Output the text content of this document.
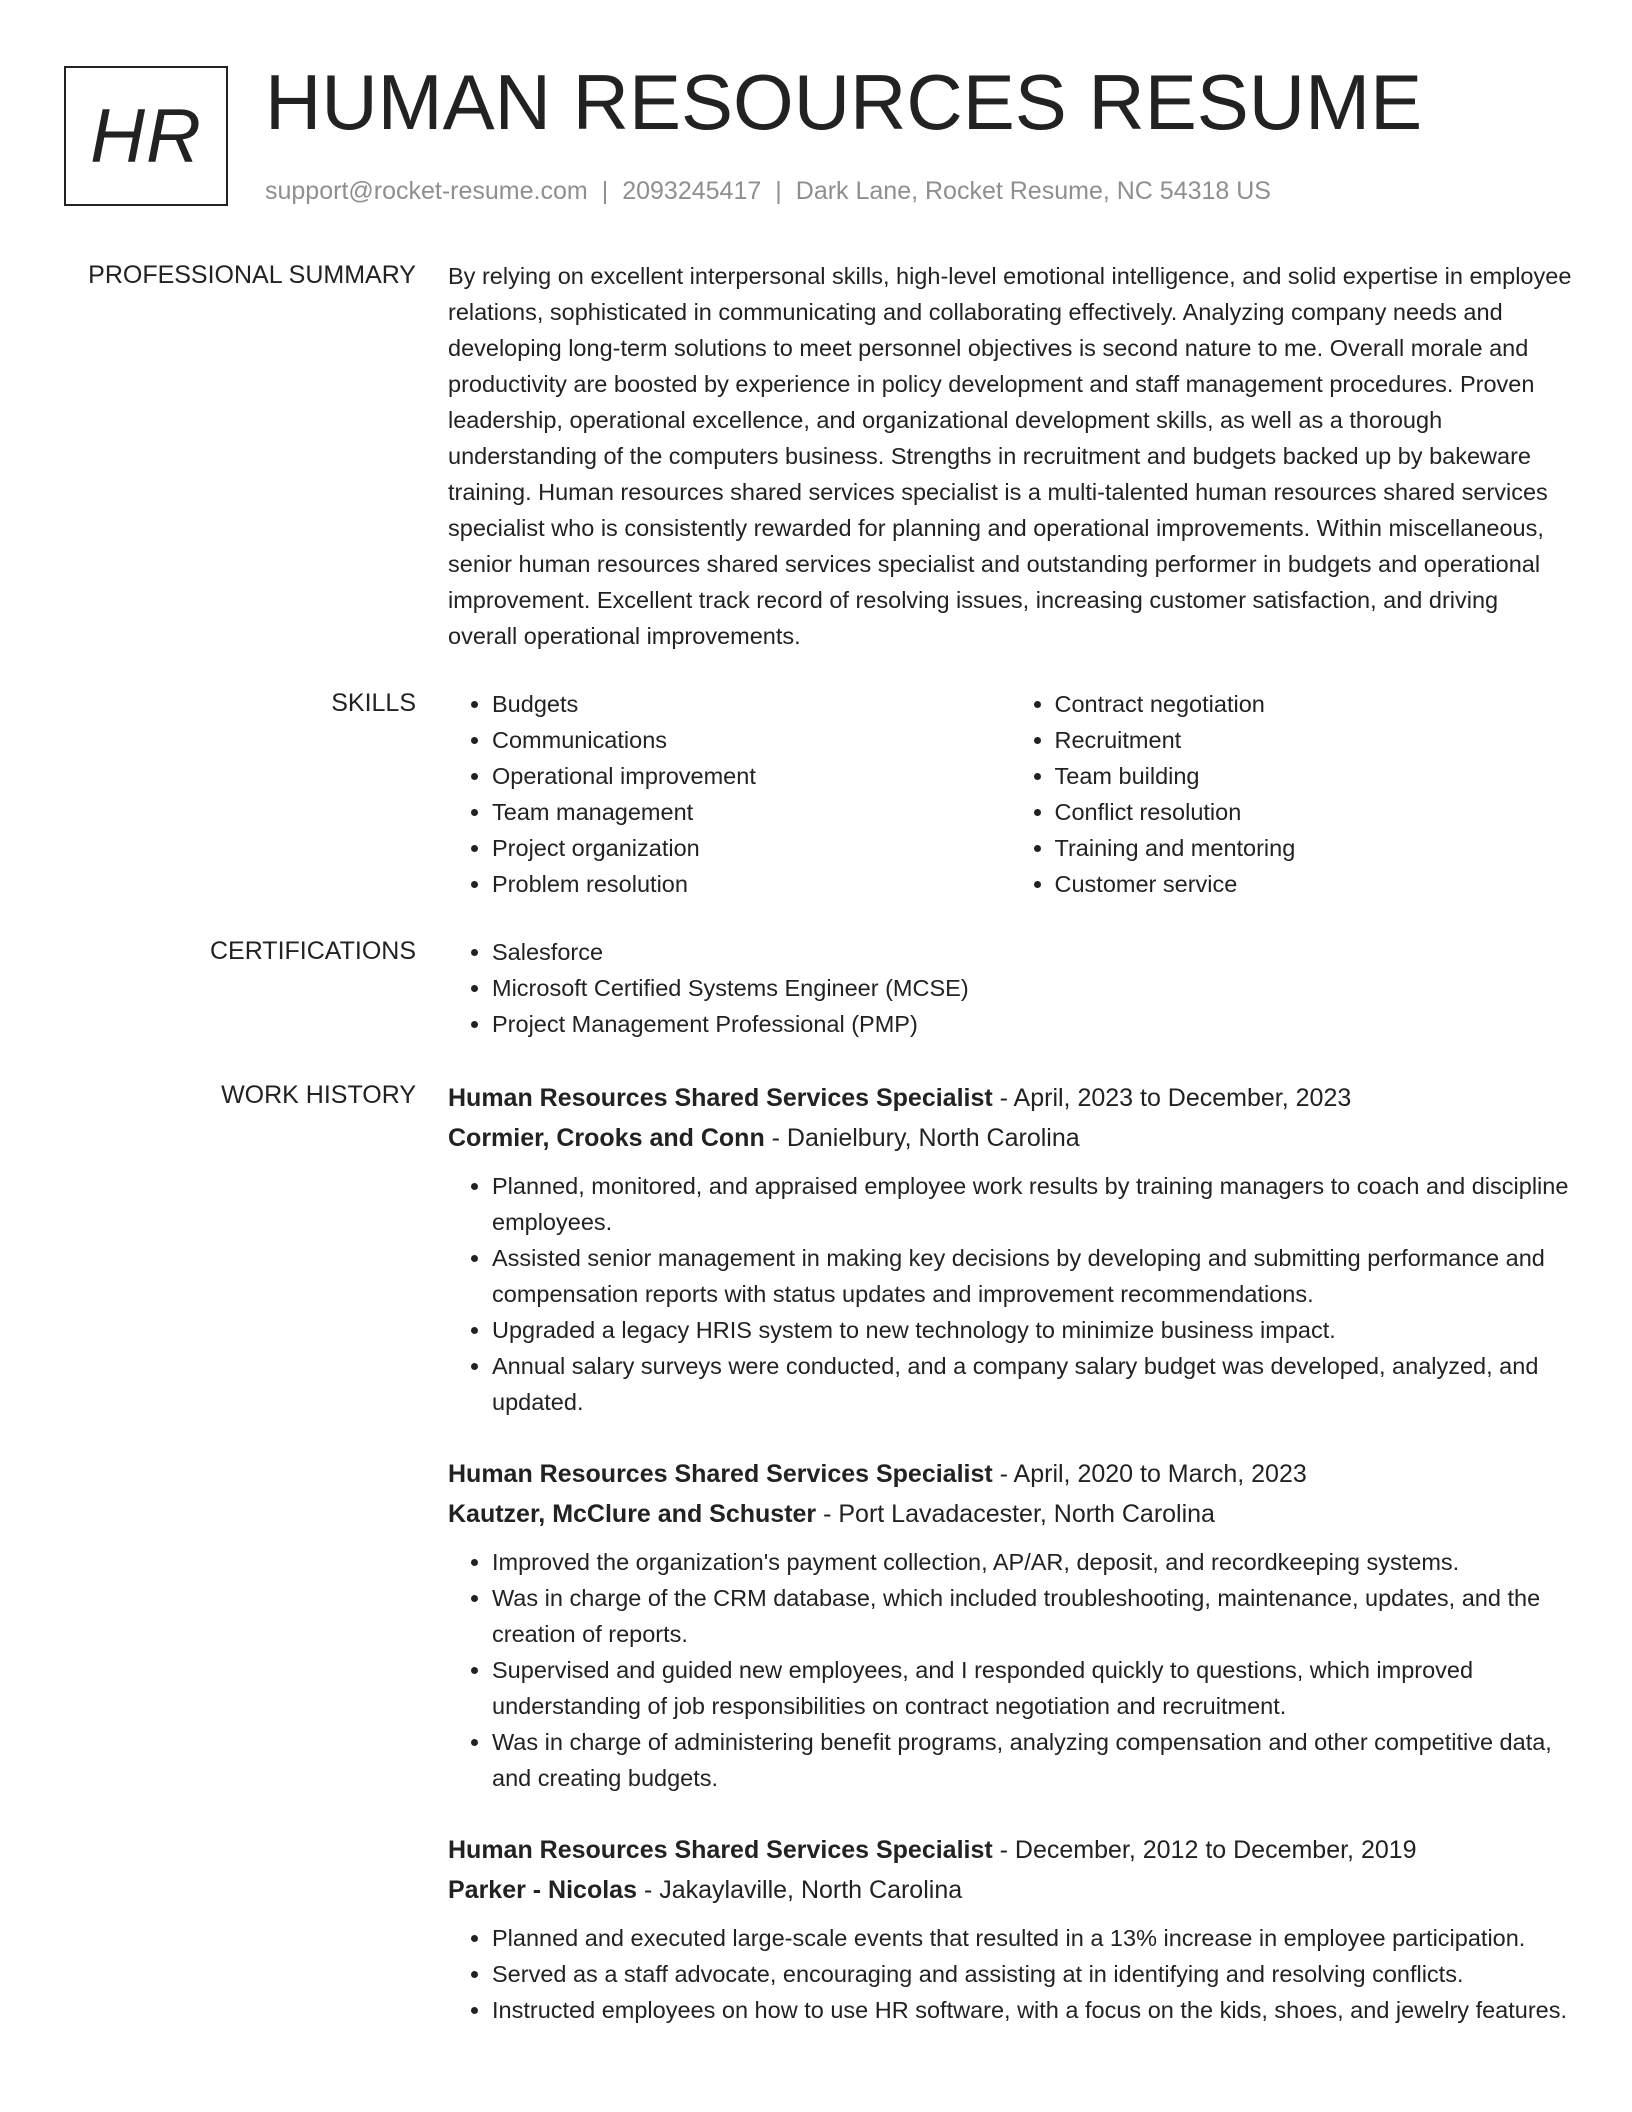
HR HUMAN RESOURCES RESUME
support@rocket-resume.com | 2093245417 | Dark Lane, Rocket Resume, NC 54318 US
PROFESSIONAL SUMMARY By relying on excellent interpersonal skills, high-level emotional intelligence, and solid expertise in employee relations, sophisticated in communicating and collaborating effectively. Analyzing company needs and developing long-term solutions to meet personnel objectives is second nature to me. Overall morale and productivity are boosted by experience in policy development and staff management procedures. Proven leadership, operational excellence, and organizational development skills, as well as a thorough understanding of the computers business. Strengths in recruitment and budgets backed up by bakeware training. Human resources shared services specialist is a multi-talented human resources shared services specialist who is consistently rewarded for planning and operational improvements. Within miscellaneous, senior human resources shared services specialist and outstanding performer in budgets and operational improvement. Excellent track record of resolving issues, increasing customer satisfaction, and driving overall operational improvements.

SKILLS	• Budgets
• Communications
• Operational improvement
• Team management
• Project organization
• Problem resolution
• Contract negotiation
• Recruitment
• Team building
• Conflict resolution
• Training and mentoring
• Customer service
CERTIFICATIONS	• Salesforce
• Microsoft Certified Systems Engineer (MCSE)
• Project Management Professional (PMP)
WORK HISTORY Human Resources Shared Services Specialist - April, 2023 to December, 2023
Cormier, Crooks and Conn - Danielbury, North Carolina
• Planned, monitored, and appraised employee work results by training managers to coach and discipline employees.
• Assisted senior management in making key decisions by developing and submitting performance and compensation reports with status updates and improvement recommendations.
• Upgraded a legacy HRIS system to new technology to minimize business impact.
• Annual salary surveys were conducted, and a company salary budget was developed, analyzed, and updated.
Human Resources Shared Services Specialist - April, 2020 to March, 2023
Kautzer, McClure and Schuster - Port Lavadacester, North Carolina
• Improved the organization's payment collection, AP/AR, deposit, and recordkeeping systems.
• Was in charge of the CRM database, which included troubleshooting, maintenance, updates, and the creation of reports.
• Supervised and guided new employees, and I responded quickly to questions, which improved understanding of job responsibilities on contract negotiation and recruitment.
• Was in charge of administering benefit programs, analyzing compensation and other competitive data, and creating budgets.
Human Resources Shared Services Specialist - December, 2012 to December, 2019
Parker - Nicolas - Jakaylaville, North Carolina
• Planned and executed large-scale events that resulted in a 13% increase in employee participation.
• Served as a staff advocate, encouraging and assisting at in identifying and resolving conflicts.
• Instructed employees on how to use HR software, with a focus on the kids, shoes, and jewelry features.
